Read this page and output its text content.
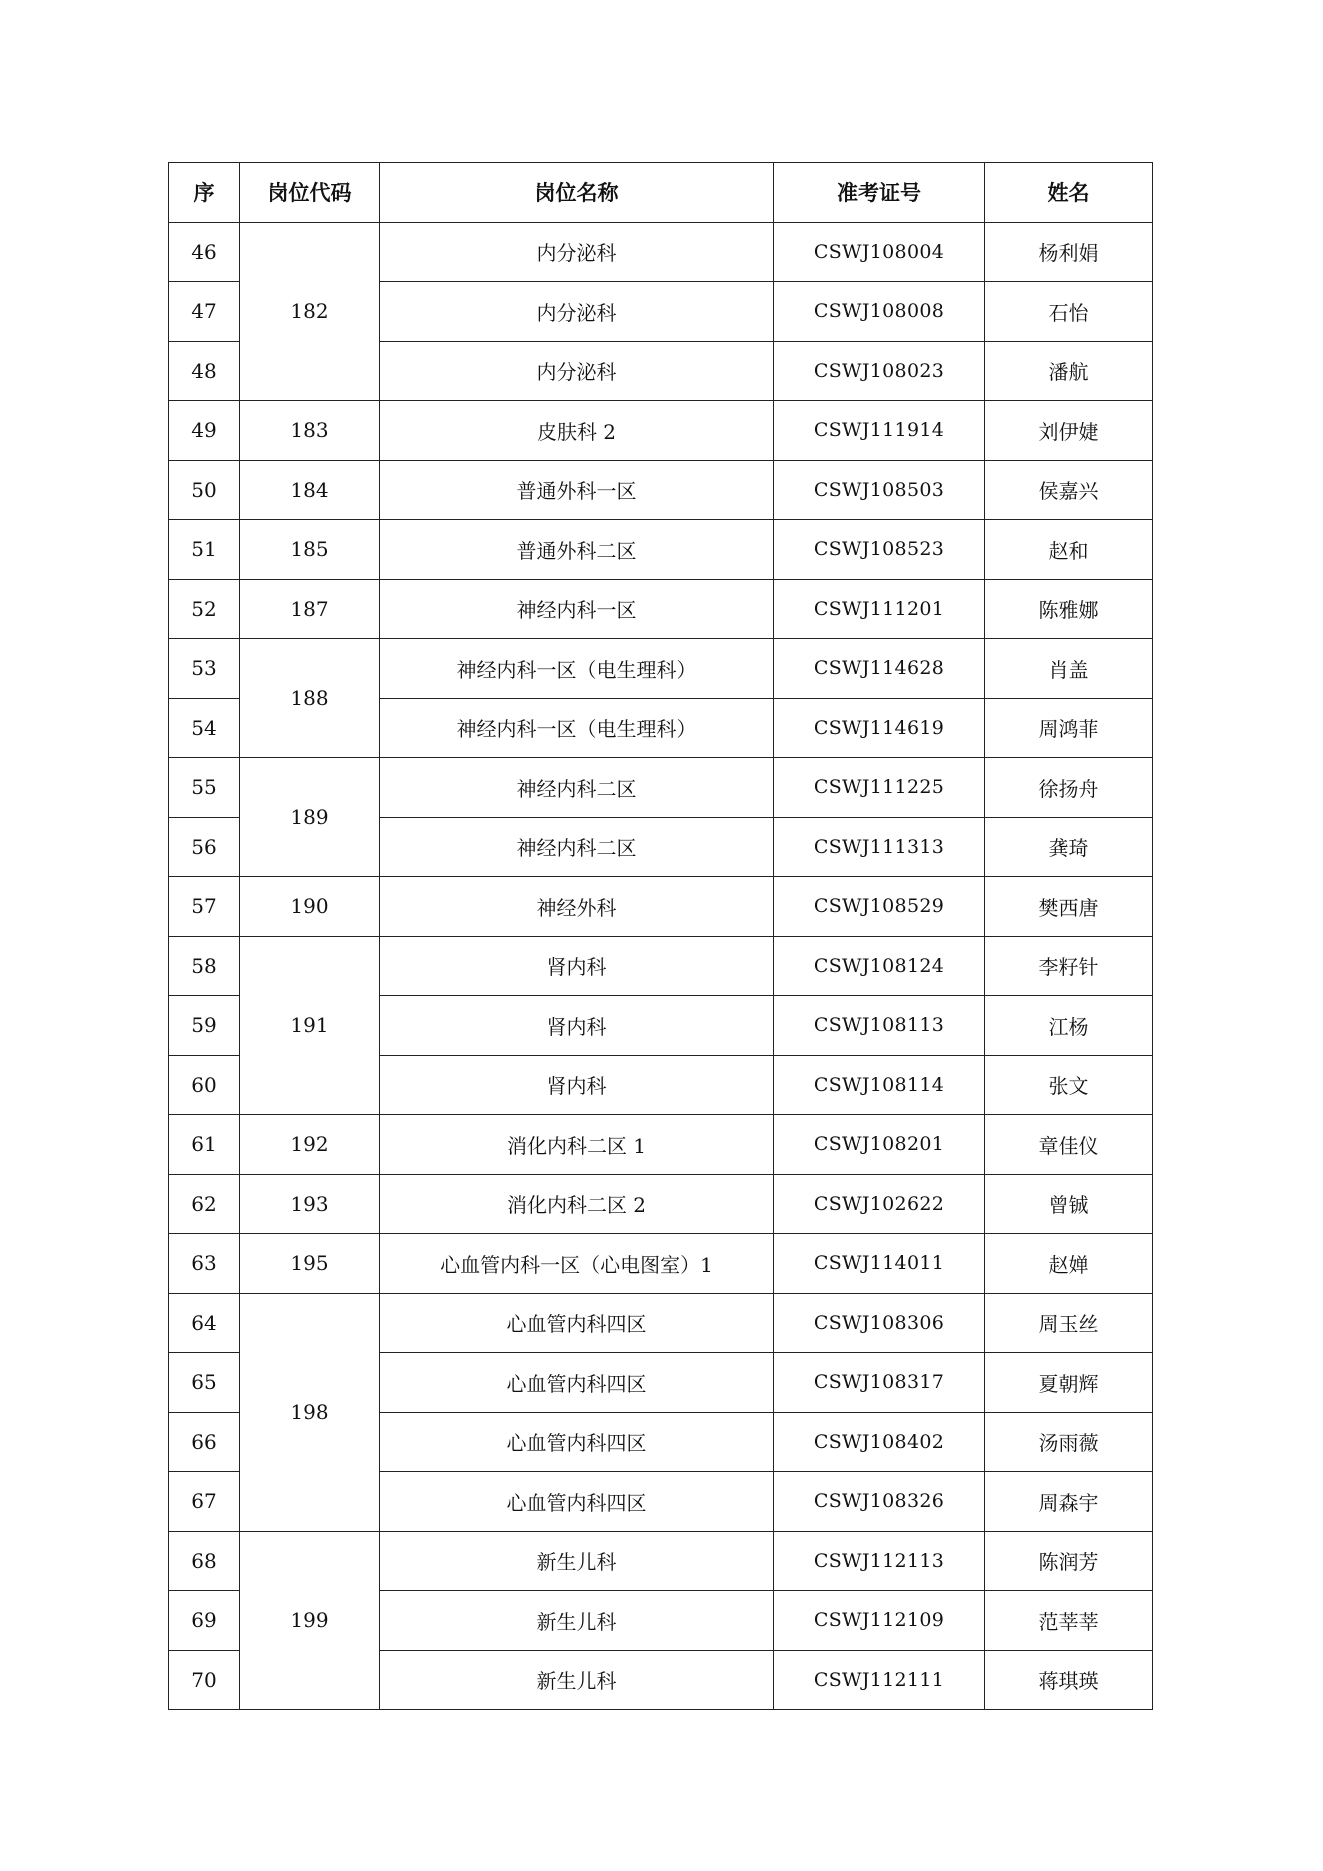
序	岗位代码	岗位名称	准考证号	姓名
46	182	内分泌科	CSWJ108004	杨利娟
47		内分泌科	CSWJ108008	石怡
48		内分泌科	CSWJ108023	潘航
49	183	皮肤科 2	CSWJ111914	刘伊婕
50	184	普通外科一区	CSWJ108503	侯嘉兴
51	185	普通外科二区	CSWJ108523	赵和
52	187	神经内科一区	CSWJ111201	陈雅娜
53	188	神经内科一区（电生理科）	CSWJ114628	肖盖
54		神经内科一区（电生理科）	CSWJ114619	周鸿菲
55	189	神经内科二区	CSWJ111225	徐扬舟
56		神经内科二区	CSWJ111313	龚琦
57	190	神经外科	CSWJ108529	樊西唐
58	191	肾内科	CSWJ108124	李籽针
59		肾内科	CSWJ108113	江杨
60		肾内科	CSWJ108114	张文
61	192	消化内科二区 1	CSWJ108201	章佳仪
62	193	消化内科二区 2	CSWJ102622	曾铖
63	195	心血管内科一区（心电图室）1	CSWJ114011	赵婵
64	198	心血管内科四区	CSWJ108306	周玉丝
65		心血管内科四区	CSWJ108317	夏朝辉
66		心血管内科四区	CSWJ108402	汤雨薇
67		心血管内科四区	CSWJ108326	周森宇
68	199	新生儿科	CSWJ112113	陈润芳
69		新生儿科	CSWJ112109	范莘莘
70		新生儿科	CSWJ112111	蒋琪瑛
